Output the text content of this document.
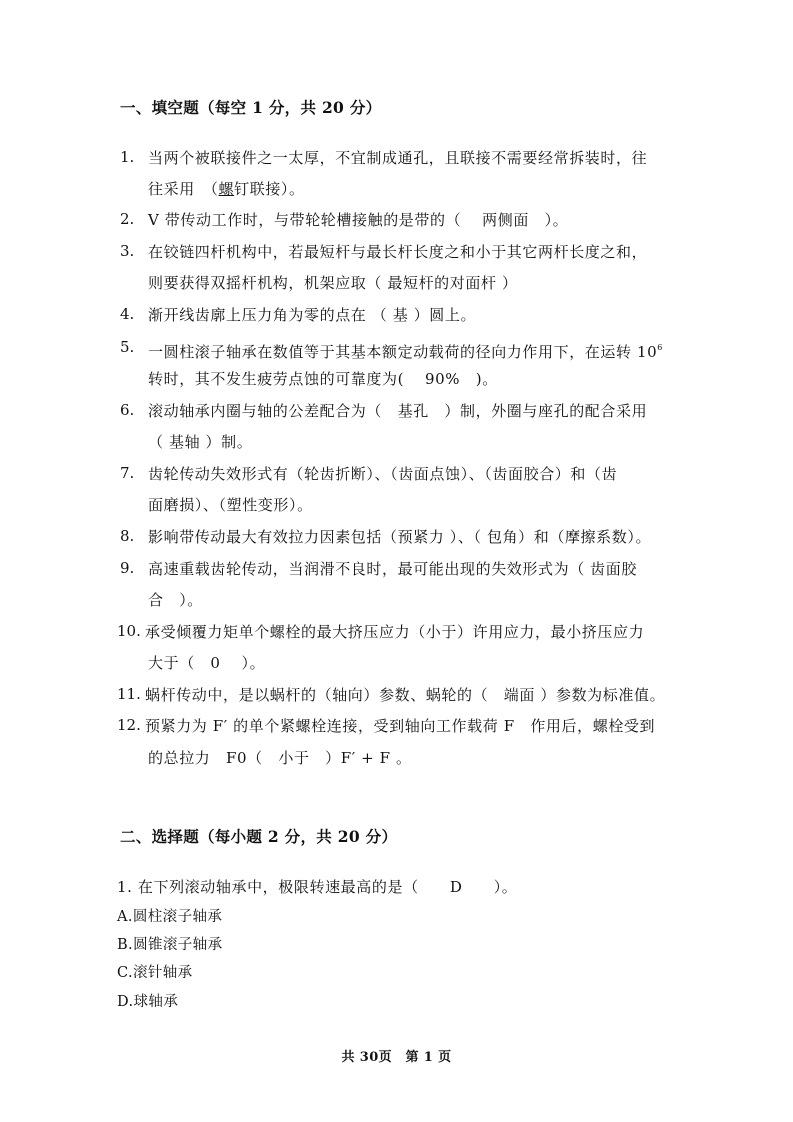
一、填空题（每空 1 分，共 20 分）
1. 当两个被联接件之一太厚，不宜制成通孔，且联接不需要经常拆装时，往
往采用　（螺钉联接）。
2. V 带传动工作时，与带轮轮槽接触的是带的（　 两侧面　）。
3. 在铰链四杆机构中，若最短杆与最长杆长度之和小于其它两杆长度之和，
则要获得双摇杆机构，机架应取（ 最短杆的对面杆 ）
4. 渐开线齿廓上压力角为零的点在 （ 基 ）圆上。
5. 一圆柱滚子轴承在数值等于其基本额定动载荷的径向力作用下，在运转 $10^6$
转时，其不发生疲劳点蚀的可靠度为(　 90%　)。
6. 滚动轴承内圈与轴的公差配合为（　基孔　）制，外圈与座孔的配合采用
（ 基轴 ）制。
7. 齿轮传动失效形式有（轮齿折断）、（齿面点蚀）、（齿面胶合）和（齿
面磨损）、（塑性变形）。
8. 影响带传动最大有效拉力因素包括（预紧力 ）、（ 包角）和（摩擦系数）。
9. 高速重载齿轮传动，当润滑不良时，最可能出现的失效形式为（ 齿面胶
合　）。
10. 承受倾覆力矩单个螺栓的最大挤压应力（小于）许用应力，最小挤压应力
大于（　0　 ）。
11. 蜗杆传动中，是以蜗杆的（轴向）参数、蜗轮的（　端面 ）参数为标准值。
12. 预紧力为 F′ 的单个紧螺栓连接，受到轴向工作载荷 F　作用后，螺栓受到
的总拉力　F0（　小于　）F′ + F 。
二、选择题（每小题 2 分，共 20 分）
1. 在下列滚动轴承中，极限转速最高的是（　　D　　）。
A.圆柱滚子轴承
B.圆锥滚子轴承
C.滚针轴承
D.球轴承
共 30页　第 1 页
